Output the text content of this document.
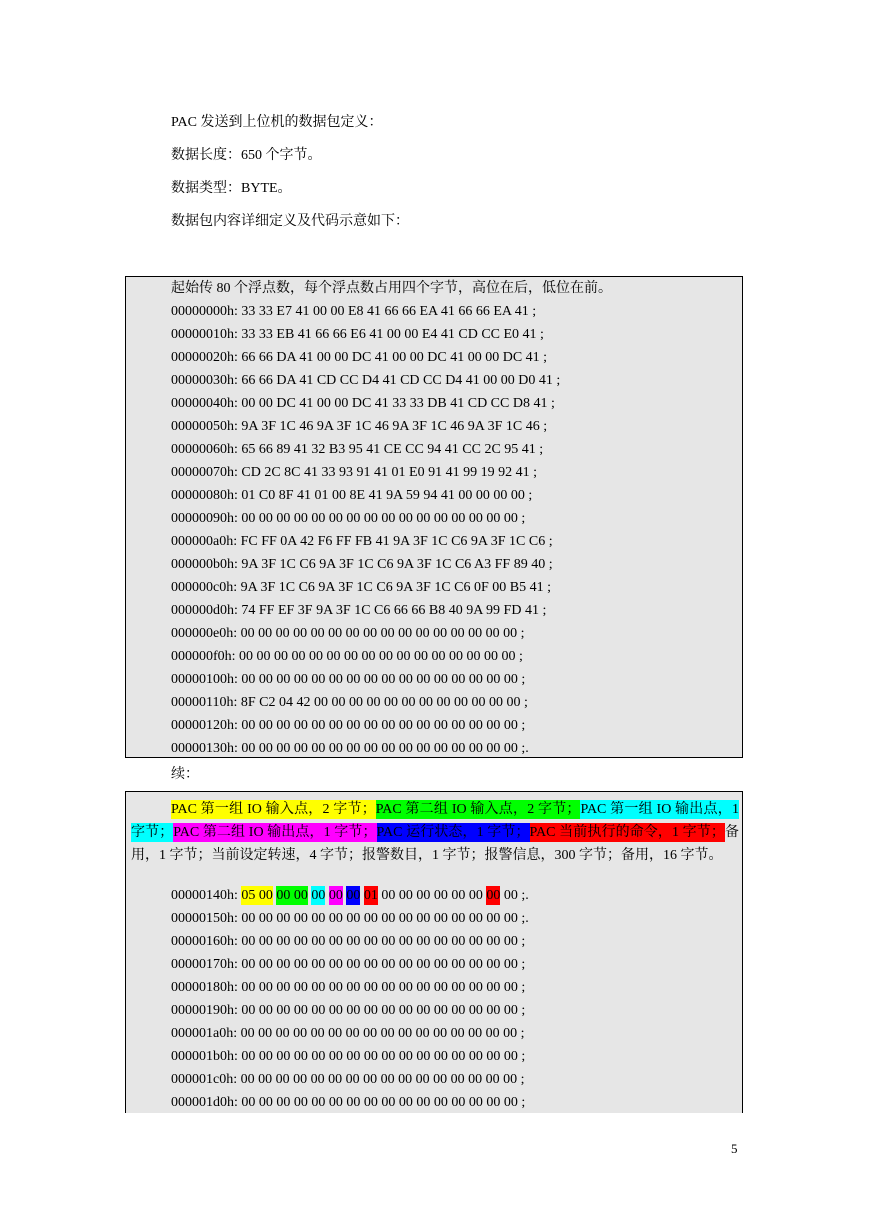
PAC 发送到上位机的数据包定义：
数据长度：650 个字节。
数据类型：BYTE。
数据包内容详细定义及代码示意如下：
起始传 80 个浮点数，每个浮点数占用四个字节，高位在后，低位在前。
00000000h: 33 33 E7 41 00 00 E8 41 66 66 EA 41 66 66 EA 41 ;
00000010h: 33 33 EB 41 66 66 E6 41 00 00 E4 41 CD CC E0 41 ;
00000020h: 66 66 DA 41 00 00 DC 41 00 00 DC 41 00 00 DC 41 ;
00000030h: 66 66 DA 41 CD CC D4 41 CD CC D4 41 00 00 D0 41 ;
00000040h: 00 00 DC 41 00 00 DC 41 33 33 DB 41 CD CC D8 41 ;
00000050h: 9A 3F 1C 46 9A 3F 1C 46 9A 3F 1C 46 9A 3F 1C 46 ;
00000060h: 65 66 89 41 32 B3 95 41 CE CC 94 41 CC 2C 95 41 ;
00000070h: CD 2C 8C 41 33 93 91 41 01 E0 91 41 99 19 92 41 ;
00000080h: 01 C0 8F 41 01 00 8E 41 9A 59 94 41 00 00 00 00 ;
00000090h: 00 00 00 00 00 00 00 00 00 00 00 00 00 00 00 00 ;
000000a0h: FC FF 0A 42 F6 FF FB 41 9A 3F 1C C6 9A 3F 1C C6 ;
000000b0h: 9A 3F 1C C6 9A 3F 1C C6 9A 3F 1C C6 A3 FF 89 40 ;
000000c0h: 9A 3F 1C C6 9A 3F 1C C6 9A 3F 1C C6 0F 00 B5 41 ;
000000d0h: 74 FF EF 3F 9A 3F 1C C6 66 66 B8 40 9A 99 FD 41 ;
000000e0h: 00 00 00 00 00 00 00 00 00 00 00 00 00 00 00 00 ;
000000f0h: 00 00 00 00 00 00 00 00 00 00 00 00 00 00 00 00 ;
00000100h: 00 00 00 00 00 00 00 00 00 00 00 00 00 00 00 00 ;
00000110h: 8F C2 04 42 00 00 00 00 00 00 00 00 00 00 00 00 ;
00000120h: 00 00 00 00 00 00 00 00 00 00 00 00 00 00 00 00 ;
00000130h: 00 00 00 00 00 00 00 00 00 00 00 00 00 00 00 00 ;.
续：
PAC 第一组 IO 输入点，2 字节；PAC 第二组 IO 输入点，2 字节；PAC 第一组 IO 输出点，1 字节；PAC 第二组 IO 输出点，1 字节；PAC 运行状态，1 字节；PAC 当前执行的命令，1 字节；备用，1 字节；当前设定转速，4 字节；报警数目，1 字节；报警信息，300 字节；备用，16 字节。
00000140h: 05 00 00 00 00 00 00 01 00 00 00 00 00 00 00 00 ;.
00000150h: 00 00 00 00 00 00 00 00 00 00 00 00 00 00 00 00 ;.
00000160h: 00 00 00 00 00 00 00 00 00 00 00 00 00 00 00 00 ;
00000170h: 00 00 00 00 00 00 00 00 00 00 00 00 00 00 00 00 ;
00000180h: 00 00 00 00 00 00 00 00 00 00 00 00 00 00 00 00 ;
00000190h: 00 00 00 00 00 00 00 00 00 00 00 00 00 00 00 00 ;
000001a0h: 00 00 00 00 00 00 00 00 00 00 00 00 00 00 00 00 ;
000001b0h: 00 00 00 00 00 00 00 00 00 00 00 00 00 00 00 00 ;
000001c0h: 00 00 00 00 00 00 00 00 00 00 00 00 00 00 00 00 ;
000001d0h: 00 00 00 00 00 00 00 00 00 00 00 00 00 00 00 00 ;
5
